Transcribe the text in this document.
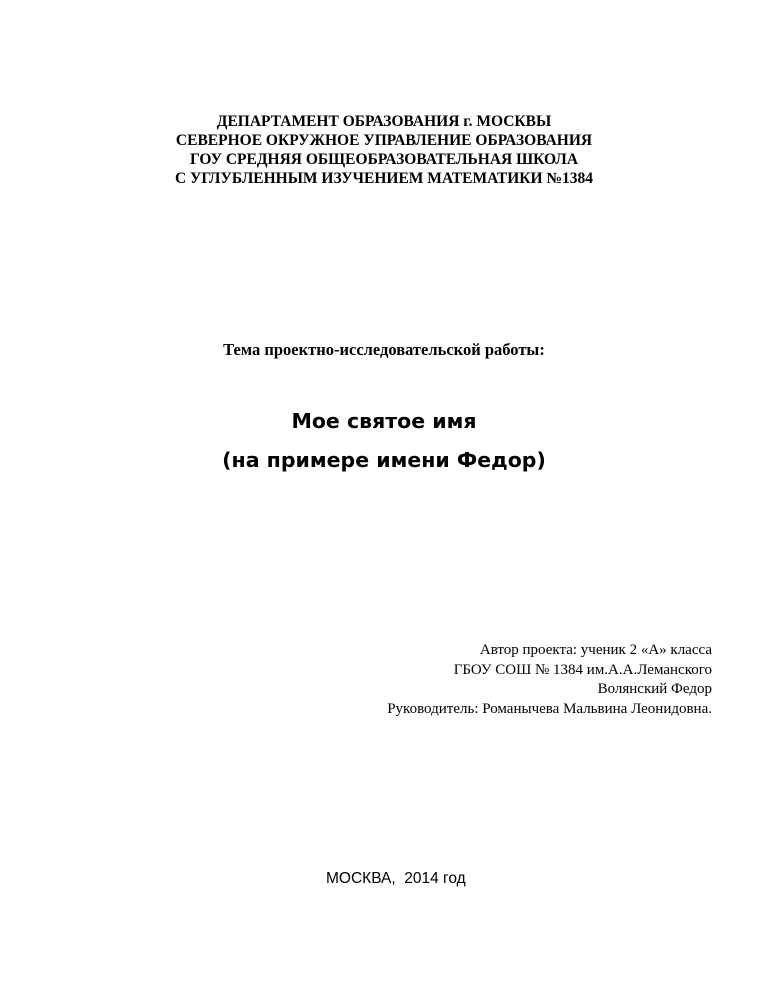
ДЕПАРТАМЕНТ ОБРАЗОВАНИЯ г. МОСКВЫ
СЕВЕРНОЕ ОКРУЖНОЕ УПРАВЛЕНИЕ ОБРАЗОВАНИЯ
ГОУ СРЕДНЯЯ ОБЩЕОБРАЗОВАТЕЛЬНАЯ ШКОЛА
С УГЛУБЛЕННЫМ ИЗУЧЕНИЕМ МАТЕМАТИКИ №1384
Тема проектно-исследовательской работы:
Мое святое имя
(на примере имени Федор)
Автор проекта: ученик 2 «А» класса
ГБОУ СОШ № 1384 им.А.А.Леманского
Волянский Федор
Руководитель: Романычева Мальвина Леонидовна.
МОСКВА,  2014 год
